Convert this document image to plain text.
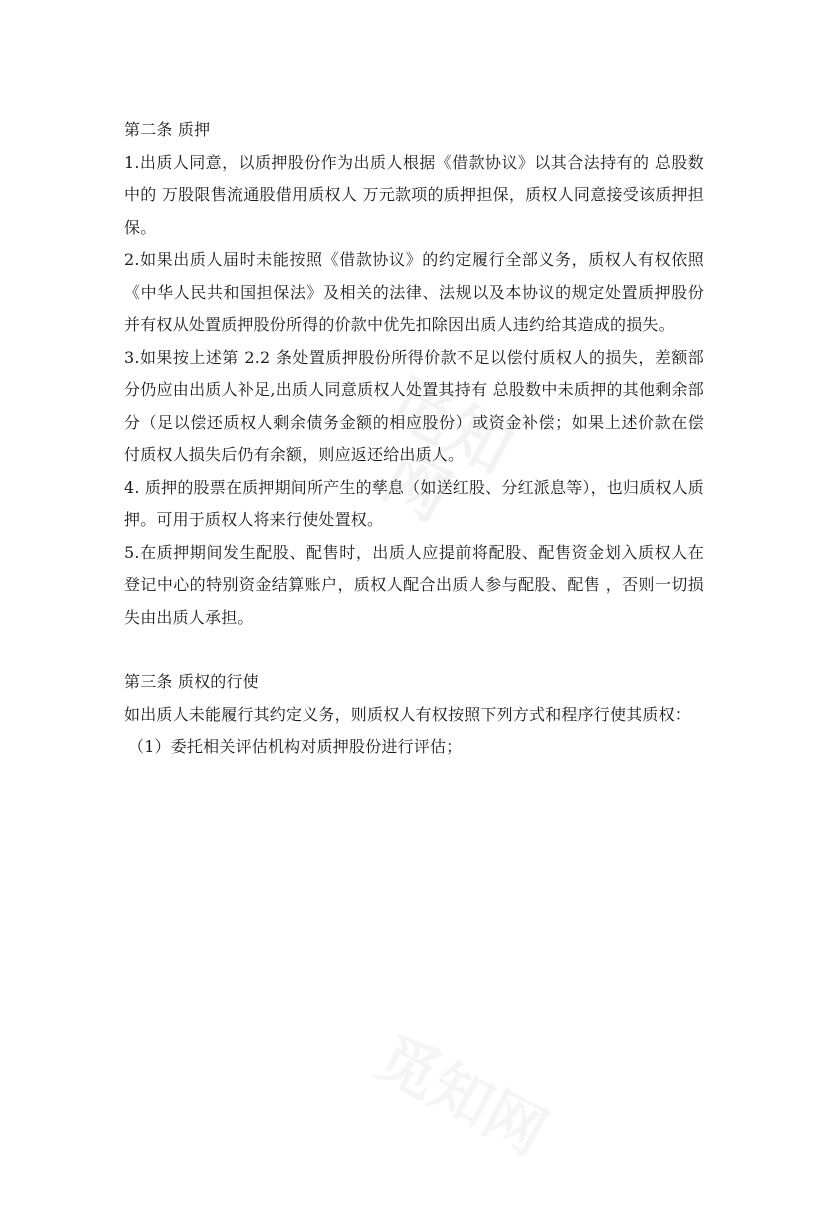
觅知网
觅知网

第二条 质押

1.出质人同意，以质押股份作为出质人根据《借款协议》以其合法持有的 总股数中的 万股限售流通股借用质权人 万元款项的质押担保，质权人同意接受该质押担保。

2.如果出质人届时未能按照《借款协议》的约定履行全部义务，质权人有权依照《中华人民共和国担保法》及相关的法律、法规以及本协议的规定处置质押股份并有权从处置质押股份所得的价款中优先扣除因出质人违约给其造成的损失。

3.如果按上述第 2.2 条处置质押股份所得价款不足以偿付质权人的损失，差额部分仍应由出质人补足,出质人同意质权人处置其持有 总股数中未质押的其他剩余部分（足以偿还质权人剩余债务金额的相应股份）或资金补偿；如果上述价款在偿付质权人损失后仍有余额，则应返还给出质人。

4. 质押的股票在质押期间所产生的孳息（如送红股、分红派息等），也归质权人质押。可用于质权人将来行使处置权。

5.在质押期间发生配股、配售时，出质人应提前将配股、配售资金划入质权人在登记中心的特别资金结算账户，质权人配合出质人参与配股、配售 ，否则一切损失由出质人承担。

第三条 质权的行使

如出质人未能履行其约定义务，则质权人有权按照下列方式和程序行使其质权：

（1）委托相关评估机构对质押股份进行评估；
